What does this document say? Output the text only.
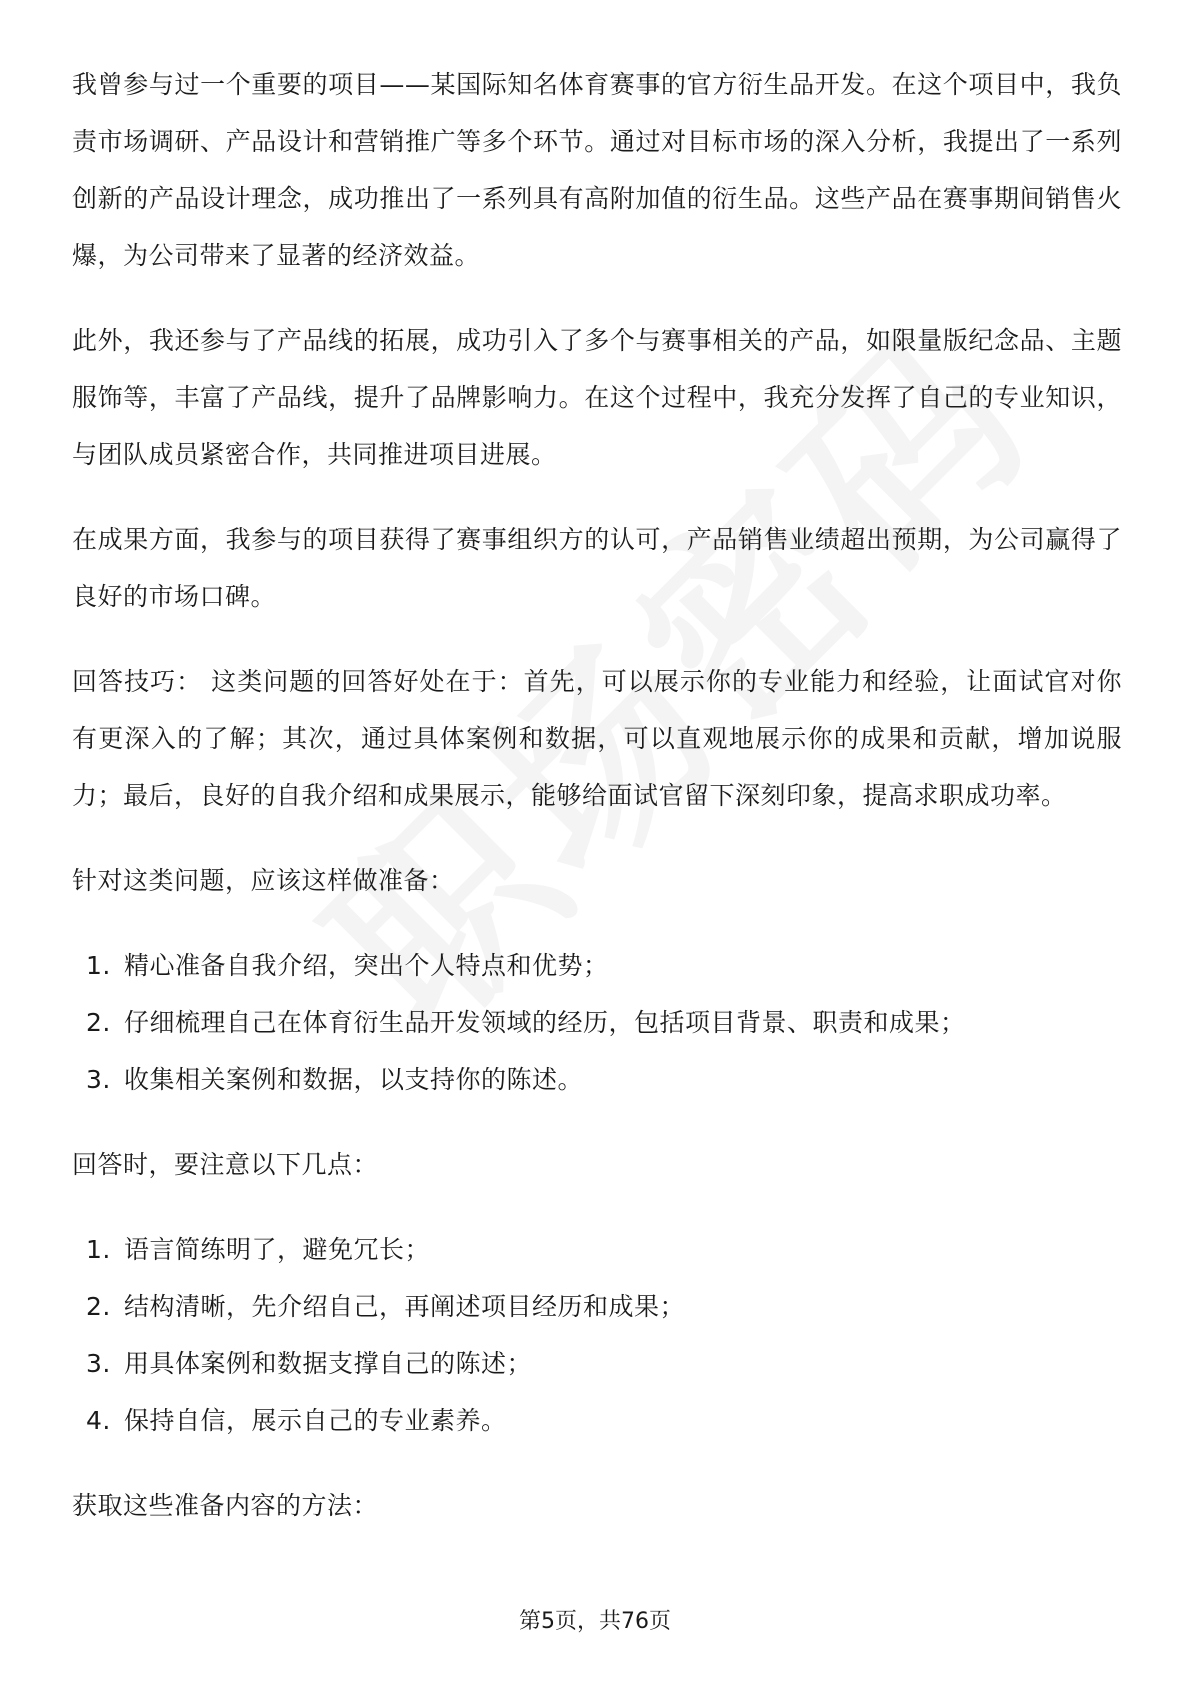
我曾参与过一个重要的项目——某国际知名体育赛事的官方衍生品开发。在这个项目中，我负责市场调研、产品设计和营销推广等多个环节。通过对目标市场的深入分析，我提出了一系列创新的产品设计理念，成功推出了一系列具有高附加值的衍生品。这些产品在赛事期间销售火爆，为公司带来了显著的经济效益。

此外，我还参与了产品线的拓展，成功引入了多个与赛事相关的产品，如限量版纪念品、主题服饰等，丰富了产品线，提升了品牌影响力。在这个过程中，我充分发挥了自己的专业知识，与团队成员紧密合作，共同推进项目进展。

在成果方面，我参与的项目获得了赛事组织方的认可，产品销售业绩超出预期，为公司赢得了良好的市场口碑。

回答技巧： 这类问题的回答好处在于：首先，可以展示你的专业能力和经验，让面试官对你有更深入的了解；其次，通过具体案例和数据，可以直观地展示你的成果和贡献，增加说服力；最后，良好的自我介绍和成果展示，能够给面试官留下深刻印象，提高求职成功率。

针对这类问题，应该这样做准备：

1. 精心准备自我介绍，突出个人特点和优势；
2. 仔细梳理自己在体育衍生品开发领域的经历，包括项目背景、职责和成果；
3. 收集相关案例和数据，以支持你的陈述。

回答时，要注意以下几点：

1. 语言简练明了，避免冗长；
2. 结构清晰，先介绍自己，再阐述项目经历和成果；
3. 用具体案例和数据支撑自己的陈述；
4. 保持自信，展示自己的专业素养。

获取这些准备内容的方法：

第5页，共76页
